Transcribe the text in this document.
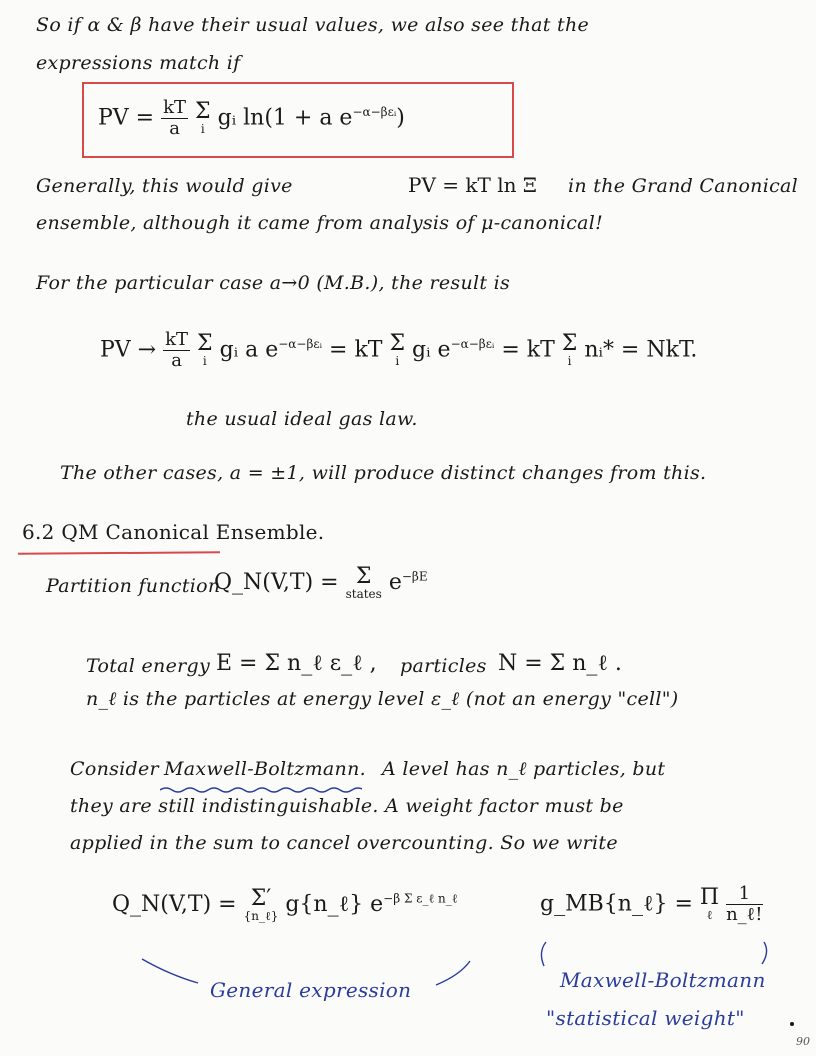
So if α & β have their usual values, we also see that the
expressions match if
PV = $\frac{kT}{a}$
Σ
i gᵢ ln(1 + a $e^{-\alpha-\beta\varepsilon ᵢ}$)
Generally, this would give	PV = kT ln Ξ in the Grand Canonical
ensemble, although it came from analysis of μ-canonical!
For the particular case a→0 (M.B.), the result is
PV → $\frac{kT}{a}$
Σ
i gᵢ a $e^{-\alpha-\beta\varepsilon ᵢ}$ = kT Σ
i gᵢ $e^{-\alpha-\beta\varepsilon ᵢ}$ = kT Σ
i nᵢ* = NkT.
the usual ideal gas law.
The other cases, a = ±1, will produce distinct changes from this.
6.2 QM Canonical Ensemble.
Partition function
Q_N(V,T) = Σ
states $e^{-\beta E}$
Total energy E = Σ n_ℓ ε_ℓ , particles N = Σ n_ℓ .
n_ℓ is the particles at energy level ε_ℓ (not an energy "cell")
Consider Maxwell-Boltzmann. A level has n_ℓ particles, but
they are still indistinguishable. A weight factor must be
applied in the sum to cancel overcounting. So we write
Q_N(V,T) = Σ′
{n_ℓ} g{n_ℓ} $e^{-\beta \Sigma \varepsilon\_\ell n\_\ell}$	g_MB{n_ℓ} = Π
ℓ
$\frac{1}{\text{n\_ℓ!}}$
General expression	Maxwell-Boltzmann
"statistical weight"
90
